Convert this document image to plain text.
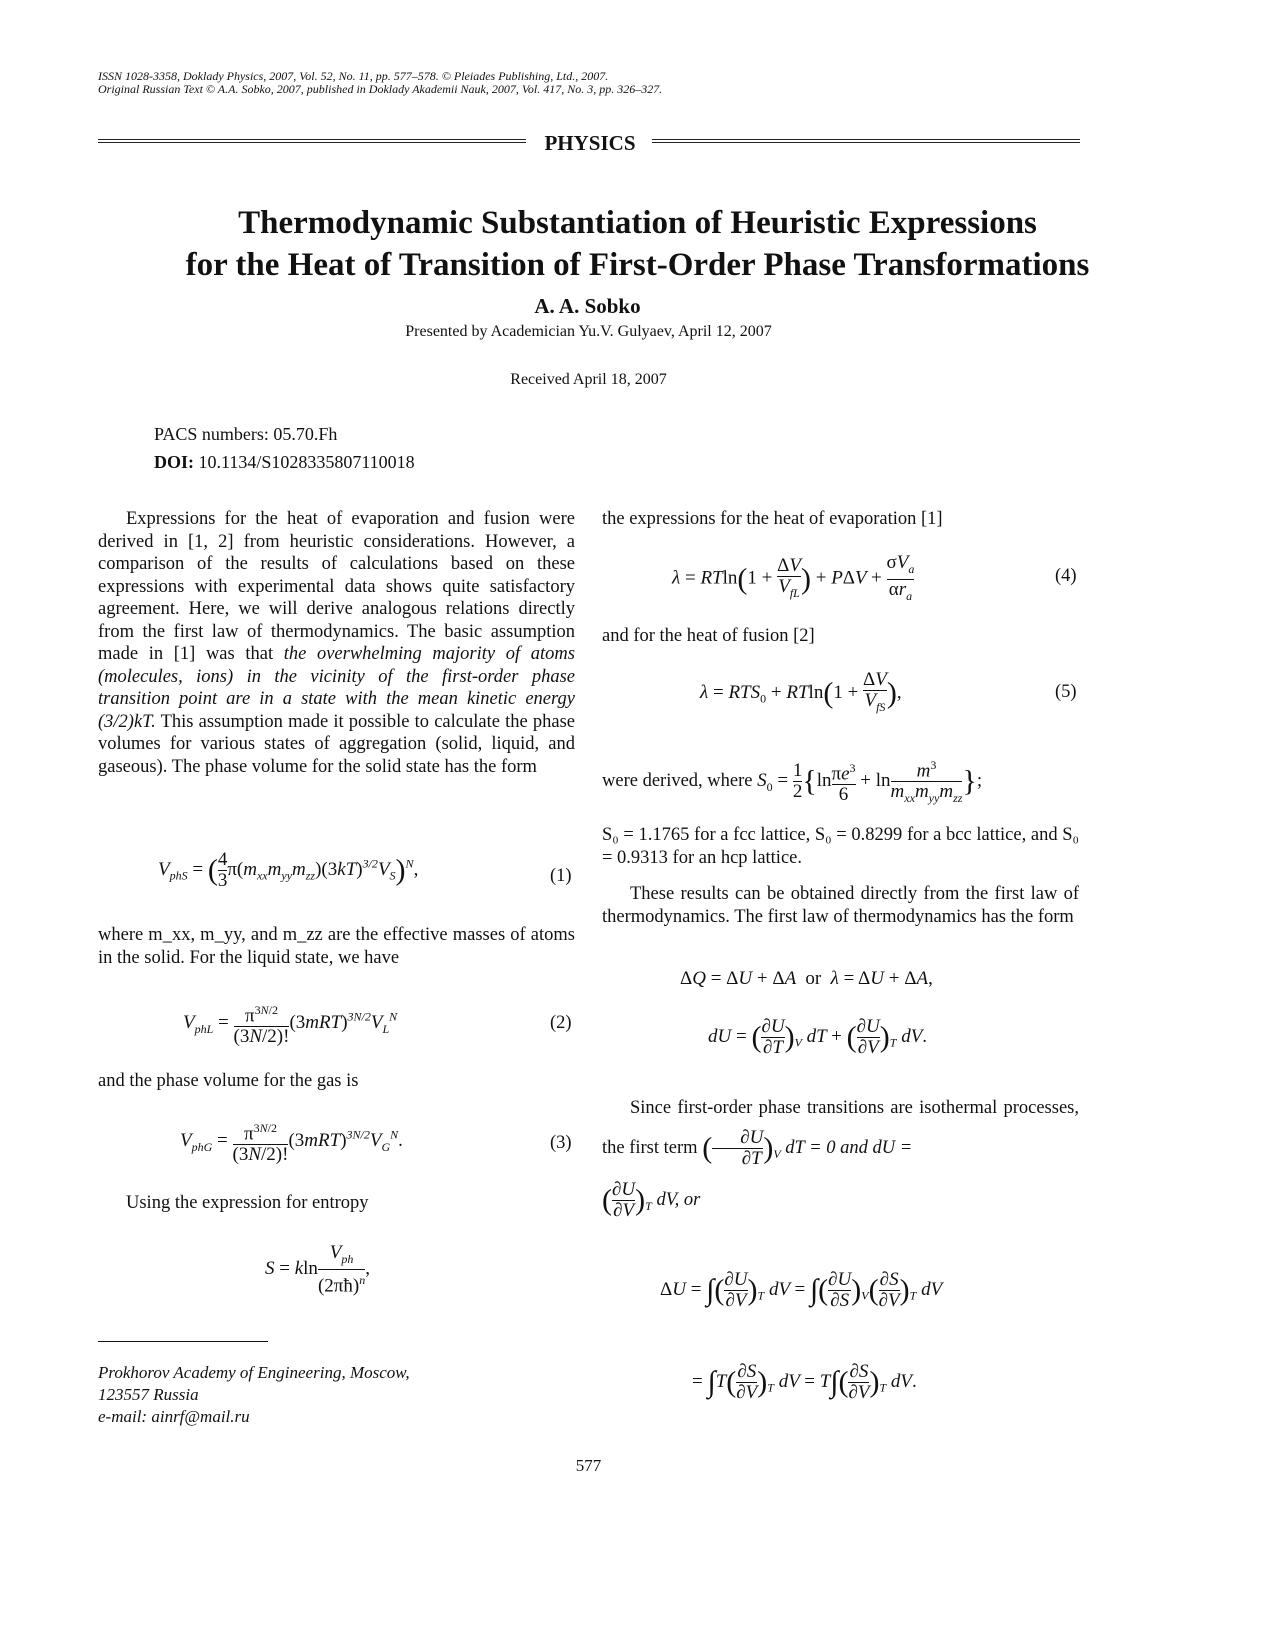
ISSN 1028-3358, Doklady Physics, 2007, Vol. 52, No. 11, pp. 577–578. © Pleiades Publishing, Ltd., 2007.
Original Russian Text © A.A. Sobko, 2007, published in Doklady Akademii Nauk, 2007, Vol. 417, No. 3, pp. 326–327.
PHYSICS
Thermodynamic Substantiation of Heuristic Expressions
for the Heat of Transition of First-Order Phase Transformations
A. A. Sobko
Presented by Academician Yu.V. Gulyaev, April 12, 2007
Received April 18, 2007
PACS numbers: 05.70.Fh
DOI: 10.1134/S1028335807110018
Expressions for the heat of evaporation and fusion were derived in [1, 2] from heuristic considerations. However, a comparison of the results of calculations based on these expressions with experimental data shows quite satisfactory agreement. Here, we will derive analogous relations directly from the first law of thermodynamics. The basic assumption made in [1] was that the overwhelming majority of atoms (molecules, ions) in the vicinity of the first-order phase transition point are in a state with the mean kinetic energy (3/2)kT. This assumption made it possible to calculate the phase volumes for various states of aggregation (solid, liquid, and gaseous). The phase volume for the solid state has the form
$V_{phS}$ = ( $\frac{4}{3} \pi(m_{xx}m_{yy}m_{zz})(3kT)^{3/2}V_S)^N$,	(1)
where m_xx, m_yy, and m_zz are the effective masses of atoms in the solid. For the liquid state, we have
$V_{phL} = \frac{\pi^{3N/2}}{(3N/2)!} (3mRT)^{3N/2}V_L^N$	(2)
and the phase volume for the gas is
$V_{phG} = \frac{\pi^{3N/2}}{(3N/2)!} (3mRT)^{3N/2}V_G^N$.	(3)
Using the expression for entropy
S = kln $\frac{V_{ph}}{(2\pi ħ)^n}$ ,
Prokhorov Academy of Engineering, Moscow,
123557 Russia
e-mail: ainrf@mail.ru
the expressions for the heat of evaporation [1]
$\lambda = RTln(1 + \frac{\Delta V}{V_{fL}}$ ) + $P\Delta V + \frac{\sigma V_a}{\alpha r_a}$	(4)
and for the heat of fusion [2]
$\lambda = RTS_0 + RTln(1 + \frac{\Delta V}{V_{fS}}$ ),	(5)
were derived, where $S_0 = \frac{1}{2} \{\ln \frac{\pi e^3}{6} + \ln \frac{m^3}{m_{xx}m_{yy}m_{zz}}$ };
S₀ = 1.1765 for a fcc lattice, S₀ = 0.8299 for a bcc lattice, and S₀ = 0.9313 for an hcp lattice.
These results can be obtained directly from the first law of thermodynamics. The first law of thermodynamics has the form
ΔQ = ΔU + ΔA  or  λ = ΔU + ΔA,
dU = ( $\frac{\partial U}{\partial T} )_V$ dT + ( $\frac{\partial U}{\partial V} )_T$ dV.
Since first-order phase transitions are isothermal processes, the first term ( $\frac{\partial U}{\partial T} )_V$ dT = 0 and dU =
( $\frac{\partial U}{\partial V} )_T$ dV, or
ΔU = ∫( $\frac{\partial U}{\partial V} )_T$ dV = ∫( $\frac{\partial U}{\partial S} )_V( \frac{\partial S}{\partial V} )_T$ dV
= $\int T( \frac{\partial S}{\partial V} )_T$ dV = $T\int( \frac{\partial S}{\partial V} )_T$ dV.
577
